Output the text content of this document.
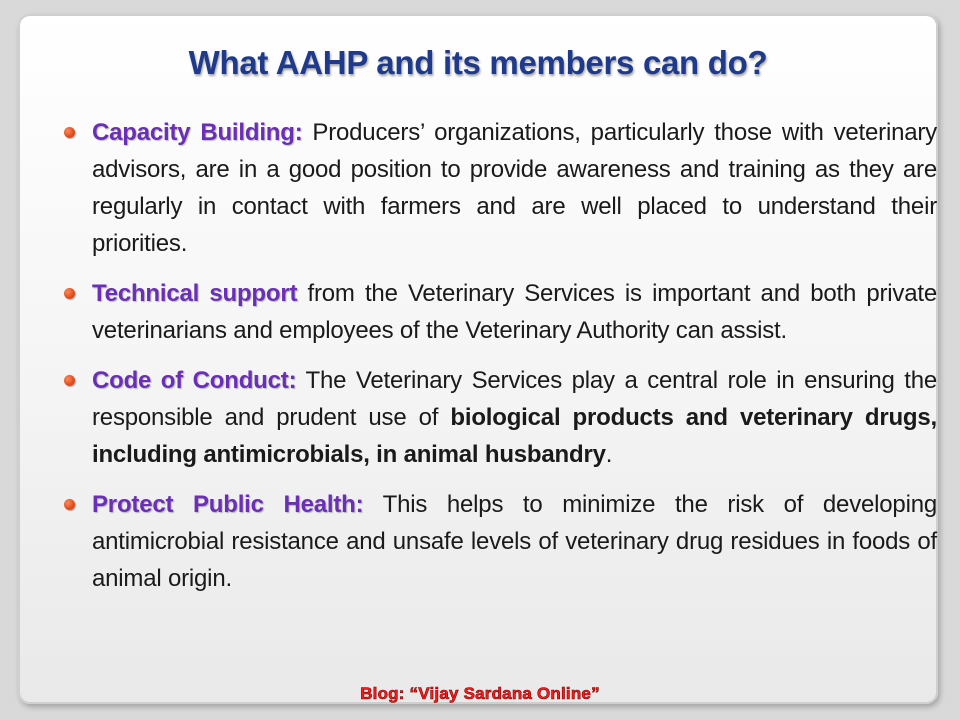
What AAHP and its members can do?
Capacity Building: Producers’ organizations, particularly those with veterinary advisors, are in a good position to provide awareness and training as they are regularly in contact with farmers and are well placed to understand their priorities.
Technical support from the Veterinary Services is important and both private veterinarians and employees of the Veterinary Authority can assist.
Code of Conduct: The Veterinary Services play a central role in ensuring the responsible and prudent use of biological products and veterinary drugs, including antimicrobials, in animal husbandry.
Protect Public Health: This helps to minimize the risk of developing antimicrobial resistance and unsafe levels of veterinary drug residues in foods of animal origin.
Blog: “Vijay Sardana Online”
